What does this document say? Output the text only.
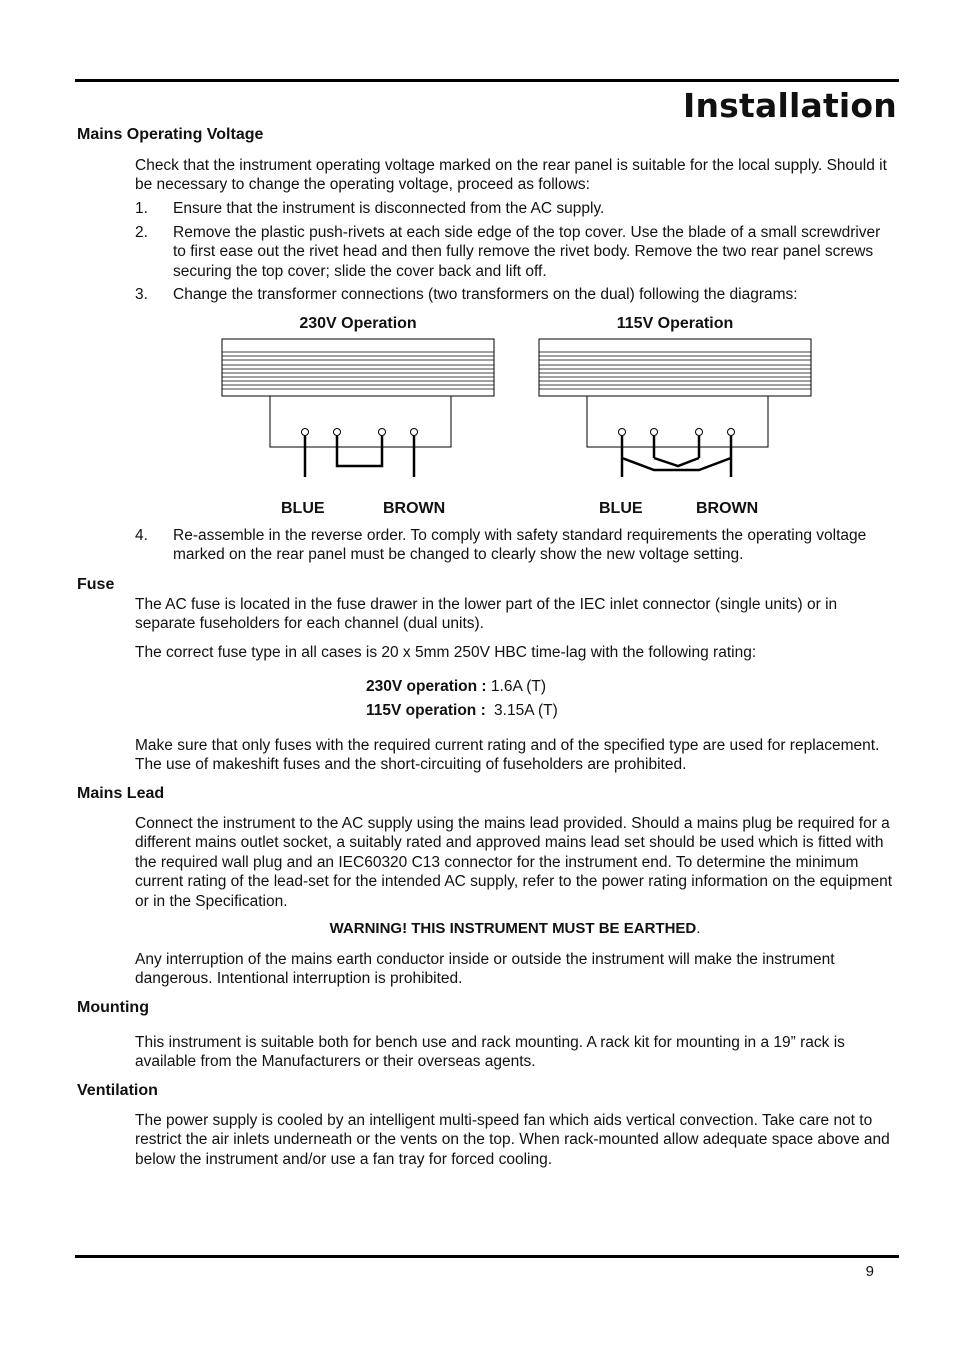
Installation
Mains Operating Voltage
Check that the instrument operating voltage marked on the rear panel is suitable for the local supply. Should it be necessary to change the operating voltage, proceed as follows:
1. Ensure that the instrument is disconnected from the AC supply.
2. Remove the plastic push-rivets at each side edge of the top cover. Use the blade of a small screwdriver to first ease out the rivet head and then fully remove the rivet body. Remove the two rear panel screws securing the top cover; slide the cover back and lift off.
3. Change the transformer connections (two transformers on the dual) following the diagrams:
230V Operation	115V Operation
BLUE	BROWN	BLUE	BROWN
4. Re-assemble in the reverse order. To comply with safety standard requirements the operating voltage marked on the rear panel must be changed to clearly show the new voltage setting.
Fuse
The AC fuse is located in the fuse drawer in the lower part of the IEC inlet connector (single units) or in separate fuseholders for each channel (dual units).
The correct fuse type in all cases is 20 x 5mm 250V HBC time-lag with the following rating:
230V operation : 1.6A (T)
115V operation : 3.15A (T)
Make sure that only fuses with the required current rating and of the specified type are used for replacement. The use of makeshift fuses and the short-circuiting of fuseholders are prohibited.
Mains Lead
Connect the instrument to the AC supply using the mains lead provided. Should a mains plug be required for a different mains outlet socket, a suitably rated and approved mains lead set should be used which is fitted with the required wall plug and an IEC60320 C13 connector for the instrument end. To determine the minimum current rating of the lead-set for the intended AC supply, refer to the power rating information on the equipment or in the Specification.
WARNING! THIS INSTRUMENT MUST BE EARTHED.
Any interruption of the mains earth conductor inside or outside the instrument will make the instrument dangerous. Intentional interruption is prohibited.
Mounting
This instrument is suitable both for bench use and rack mounting. A rack kit for mounting in a 19” rack is available from the Manufacturers or their overseas agents.
Ventilation
The power supply is cooled by an intelligent multi-speed fan which aids vertical convection. Take care not to restrict the air inlets underneath or the vents on the top. When rack-mounted allow adequate space above and below the instrument and/or use a fan tray for forced cooling.
9
